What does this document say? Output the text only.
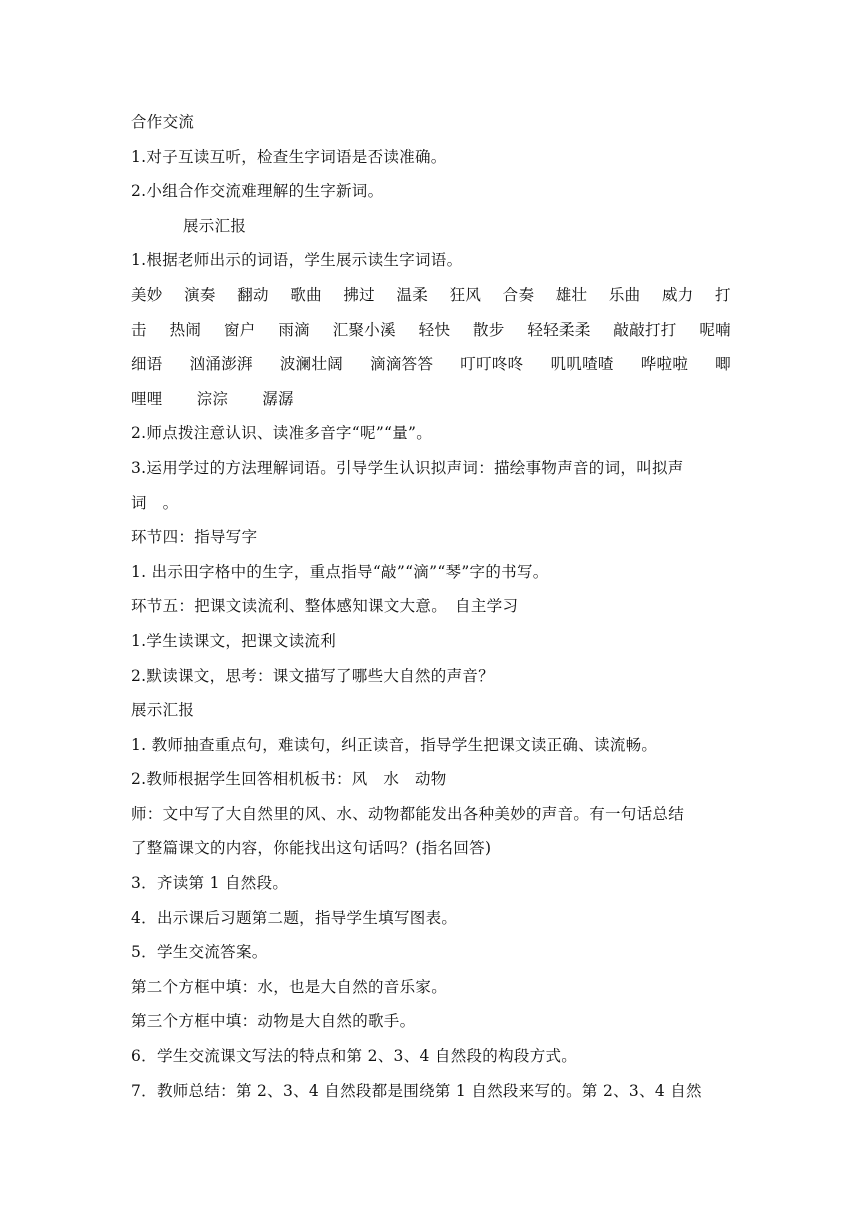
合作交流
1.对子互读互听，检查生字词语是否读准确。
2.小组合作交流难理解的生字新词。
展示汇报
1.根据老师出示的词语，学生展示读生字词语。
美妙 演奏 翻动 歌曲 拂过 温柔 狂风 合奏 雄壮 乐曲 威力 打
击 热闹 窗户 雨滴 汇聚小溪 轻快 散步 轻轻柔柔 敲敲打打 呢喃
细语 汹涌澎湃 波澜壮阔 滴滴答答 叮叮咚咚 叽叽喳喳 哗啦啦 唧
哩哩 淙淙 潺潺
2.师点拨注意认识、读准多音字“呢”“量”。
3.运用学过的方法理解词语。引导学生认识拟声词：描绘事物声音的词，叫拟声
词　。
环节四：指导写字
1. 出示田字格中的生字，重点指导“敲”“滴”“琴”字的书写。
环节五：把课文读流利、整体感知课文大意。　自主学习
1.学生读课文，把课文读流利
2.默读课文，思考：课文描写了哪些大自然的声音？
展示汇报
1. 教师抽查重点句，难读句，纠正读音，指导学生把课文读正确、读流畅。
2.教师根据学生回答相机板书：风　水　动物
师：文中写了大自然里的风、水、动物都能发出各种美妙的声音。有一句话总结
了整篇课文的内容，你能找出这句话吗？(指名回答)
3．齐读第 1 自然段。
4．出示课后习题第二题，指导学生填写图表。
5．学生交流答案。
第二个方框中填：水，也是大自然的音乐家。
第三个方框中填：动物是大自然的歌手。
6．学生交流课文写法的特点和第 2、3、4 自然段的构段方式。
7．教师总结：第 2、3、4 自然段都是围绕第 1 自然段来写的。第 2、3、4 自然
